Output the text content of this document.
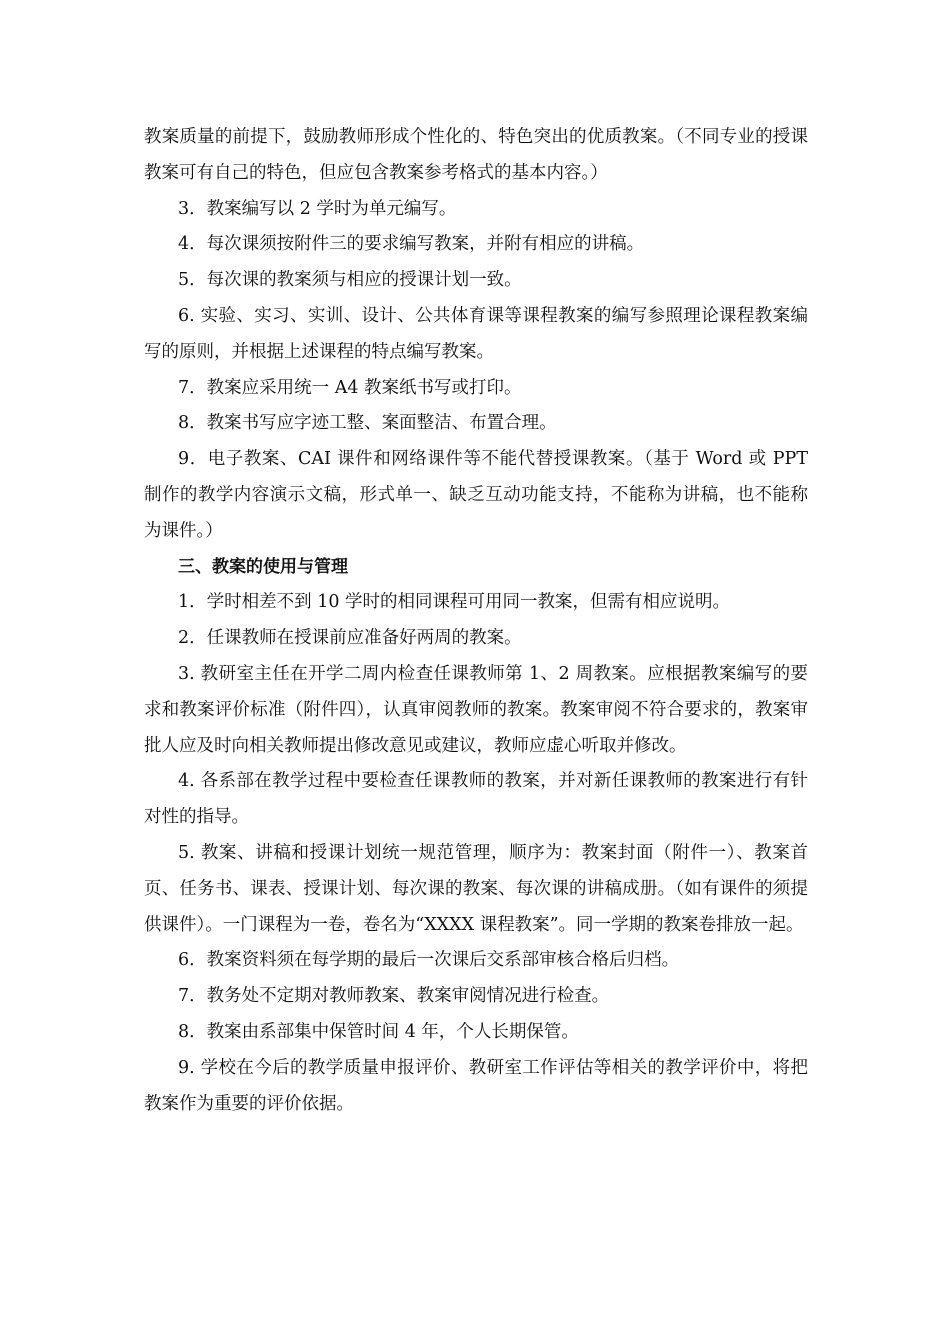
教案质量的前提下，鼓励教师形成个性化的、特色突出的优质教案。（不同专业的授课教案可有自己的特色，但应包含教案参考格式的基本内容。）

3．教案编写以 2 学时为单元编写。

4．每次课须按附件三的要求编写教案，并附有相应的讲稿。

5．每次课的教案须与相应的授课计划一致。

6. 实验、实习、实训、设计、公共体育课等课程教案的编写参照理论课程教案编写的原则，并根据上述课程的特点编写教案。

7．教案应采用统一 A4 教案纸书写或打印。

8．教案书写应字迹工整、案面整洁、布置合理。

9．电子教案、CAI 课件和网络课件等不能代替授课教案。（基于 Word 或 PPT 制作的教学内容演示文稿，形式单一、缺乏互动功能支持，不能称为讲稿，也不能称为课件。）

三、教案的使用与管理

1．学时相差不到 10 学时的相同课程可用同一教案，但需有相应说明。

2．任课教师在授课前应准备好两周的教案。

3. 教研室主任在开学二周内检查任课教师第 1、2 周教案。应根据教案编写的要求和教案评价标准（附件四），认真审阅教师的教案。教案审阅不符合要求的，教案审批人应及时向相关教师提出修改意见或建议，教师应虚心听取并修改。

4. 各系部在教学过程中要检查任课教师的教案，并对新任课教师的教案进行有针对性的指导。

5. 教案、讲稿和授课计划统一规范管理，顺序为：教案封面（附件一）、教案首页、任务书、课表、授课计划、每次课的教案、每次课的讲稿成册。（如有课件的须提供课件）。一门课程为一卷，卷名为“XXXX 课程教案”。同一学期的教案卷排放一起。

6．教案资料须在每学期的最后一次课后交系部审核合格后归档。

7．教务处不定期对教师教案、教案审阅情况进行检查。

8．教案由系部集中保管时间 4 年，个人长期保管。

9. 学校在今后的教学质量申报评价、教研室工作评估等相关的教学评价中，将把教案作为重要的评价依据。
